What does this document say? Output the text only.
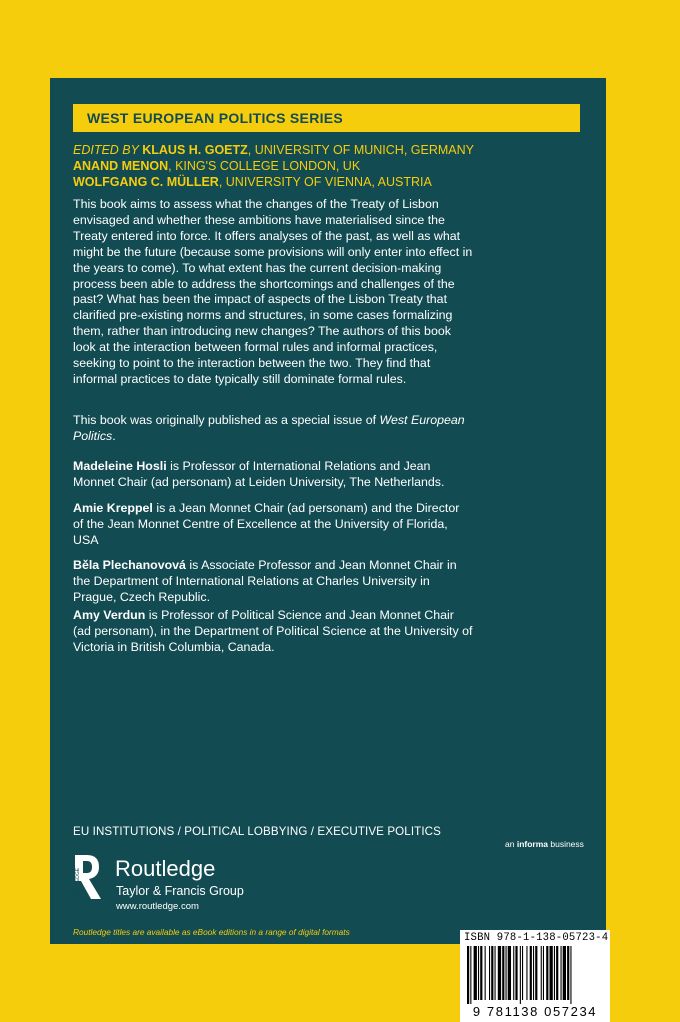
WEST EUROPEAN POLITICS SERIES
EDITED BY KLAUS H. GOETZ, UNIVERSITY OF MUNICH, GERMANY
ANAND MENON, KING'S COLLEGE LONDON, UK
WOLFGANG C. MÜLLER, UNIVERSITY OF VIENNA, AUSTRIA

This book aims to assess what the changes of the Treaty of Lisbon envisaged and whether these ambitions have materialised since the Treaty entered into force. It offers analyses of the past, as well as what might be the future (because some provisions will only enter into effect in the years to come). To what extent has the current decision-making process been able to address the shortcomings and challenges of the past? What has been the impact of aspects of the Lisbon Treaty that clarified pre-existing norms and structures, in some cases formalizing them, rather than introducing new changes? The authors of this book look at the interaction between formal rules and informal practices, seeking to point to the interaction between the two. They find that informal practices to date typically still dominate formal rules.

This book was originally published as a special issue of West European Politics.

Madeleine Hosli is Professor of International Relations and Jean Monnet Chair (ad personam) at Leiden University, The Netherlands.

Amie Kreppel is a Jean Monnet Chair (ad personam) and the Director of the Jean Monnet Centre of Excellence at the University of Florida, USA

Běla Plechanovová is Associate Professor and Jean Monnet Chair in the Department of International Relations at Charles University in Prague, Czech Republic.

Amy Verdun is Professor of Political Science and Jean Monnet Chair (ad personam), in the Department of Political Science at the University of Victoria in British Columbia, Canada.

EU INSTITUTIONS / POLITICAL LOBBYING / EXECUTIVE POLITICS
an informa business
ROUTLEDGE Routledge
Taylor & Francis Group
www.routledge.com
Routledge titles are available as eBook editions in a range of digital formats	ISBN 978-1-138-05723-4
9 781138 057234
